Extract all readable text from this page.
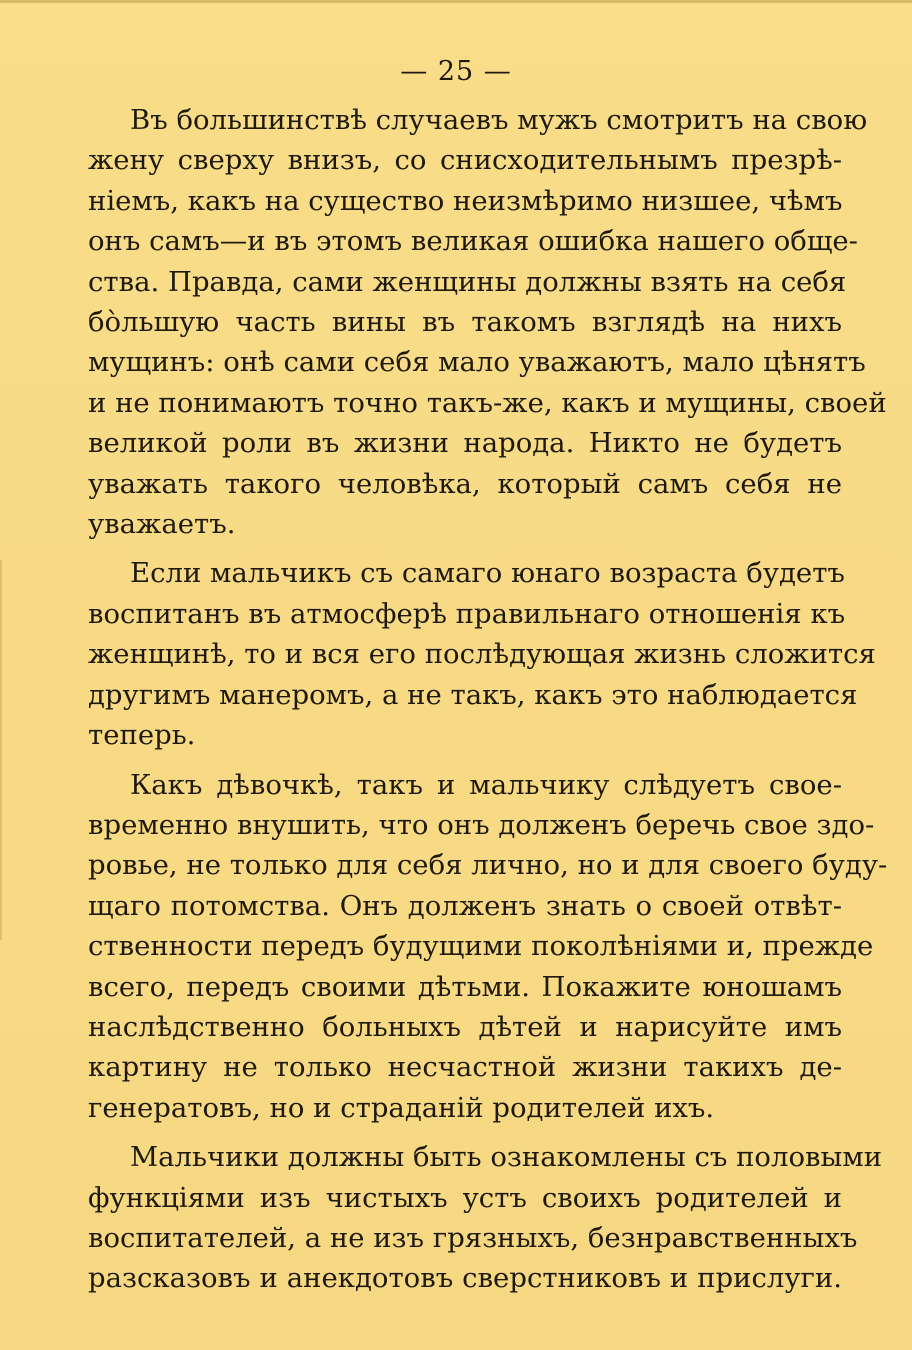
— 25 —
Въ большинствѣ случаевъ мужъ смотритъ на свою
жену сверху внизъ, со снисходительнымъ презрѣ-
ніемъ, какъ на существо неизмѣримо низшее, чѣмъ
онъ самъ—и въ этомъ великая ошибка нашего обще-
ства. Правда, сами женщины должны взять на себя
бо̀льшую часть вины въ такомъ взглядѣ на нихъ
мущинъ: онѣ сами себя мало уважаютъ, мало цѣнятъ
и не понимаютъ точно такъ-же, какъ и мущины, своей
великой роли въ жизни народа. Никто не будетъ
уважать такого человѣка, который самъ себя не
уважаетъ.
Если мальчикъ съ самаго юнаго возраста будетъ
воспитанъ въ атмосферѣ правильнаго отношенія къ
женщинѣ, то и вся его послѣдующая жизнь сложится
другимъ манеромъ, а не такъ, какъ это наблюдается
теперь.
Какъ дѣвочкѣ, такъ и мальчику слѣдуетъ свое-
временно внушить, что онъ долженъ беречь свое здо-
ровье, не только для себя лично, но и для своего буду-
щаго потомства. Онъ долженъ знать о своей отвѣт-
ственности передъ будущими поколѣніями и, прежде
всего, передъ своими дѣтьми. Покажите юношамъ
наслѣдственно больныхъ дѣтей и нарисуйте имъ
картину не только несчастной жизни такихъ де-
генератовъ, но и страданій родителей ихъ.
Мальчики должны быть ознакомлены съ половыми
функціями изъ чистыхъ устъ своихъ родителей и
воспитателей, а не изъ грязныхъ, безнравственныхъ
разсказовъ и анекдотовъ сверстниковъ и прислуги.
